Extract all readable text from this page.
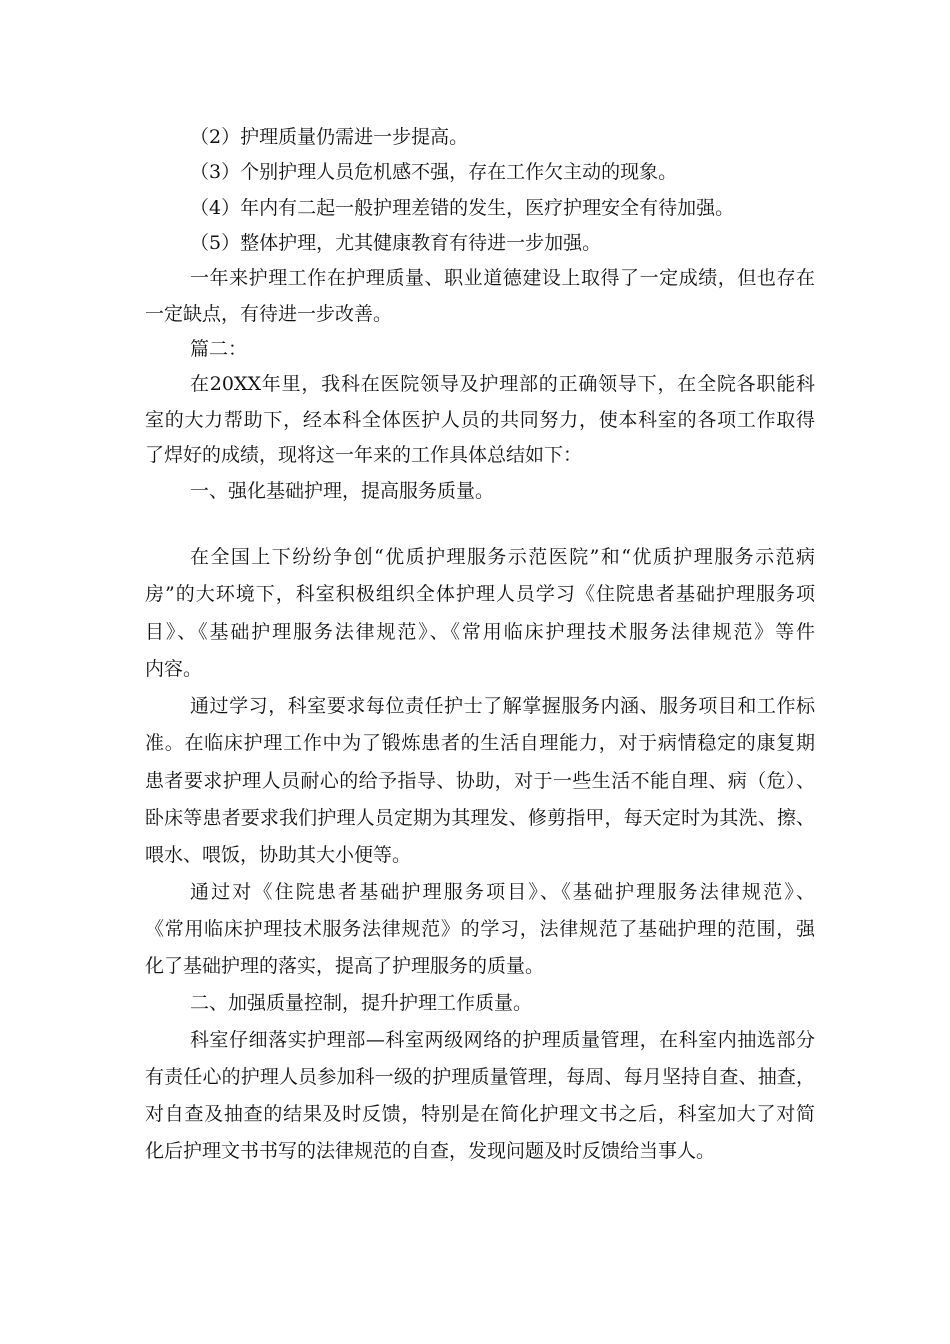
（2）护理质量仍需进一步提高。
（3）个别护理人员危机感不强，存在工作欠主动的现象。
（4）年内有二起一般护理差错的发生，医疗护理安全有待加强。
（5）整体护理，尤其健康教育有待进一步加强。
一年来护理工作在护理质量、职业道德建设上取得了一定成绩，但也存在
一定缺点，有待进一步改善。
篇二：
在20XX年里，我科在医院领导及护理部的正确领导下，在全院各职能科
室的大力帮助下，经本科全体医护人员的共同努力，使本科室的各项工作取得
了焊好的成绩，现将这一年来的工作具体总结如下：
一、强化基础护理，提高服务质量。
在全国上下纷纷争创“优质护理服务示范医院”和“优质护理服务示范病
房”的大环境下，科室积极组织全体护理人员学习《住院患者基础护理服务项
目》、《基础护理服务法律规范》、《常用临床护理技术服务法律规范》等件
内容。
通过学习，科室要求每位责任护士了解掌握服务内涵、服务项目和工作标
准。在临床护理工作中为了锻炼患者的生活自理能力，对于病情稳定的康复期
患者要求护理人员耐心的给予指导、协助，对于一些生活不能自理、病（危）、
卧床等患者要求我们护理人员定期为其理发、修剪指甲，每天定时为其洗、擦、
喂水、喂饭，协助其大小便等。
通过对《住院患者基础护理服务项目》、《基础护理服务法律规范》、
《常用临床护理技术服务法律规范》的学习，法律规范了基础护理的范围，强
化了基础护理的落实，提高了护理服务的质量。
二、加强质量控制，提升护理工作质量。
科室仔细落实护理部—科室两级网络的护理质量管理，在科室内抽选部分
有责任心的护理人员参加科一级的护理质量管理，每周、每月坚持自查、抽查，
对自查及抽查的结果及时反馈，特别是在简化护理文书之后，科室加大了对简
化后护理文书书写的法律规范的自查，发现问题及时反馈给当事人。
